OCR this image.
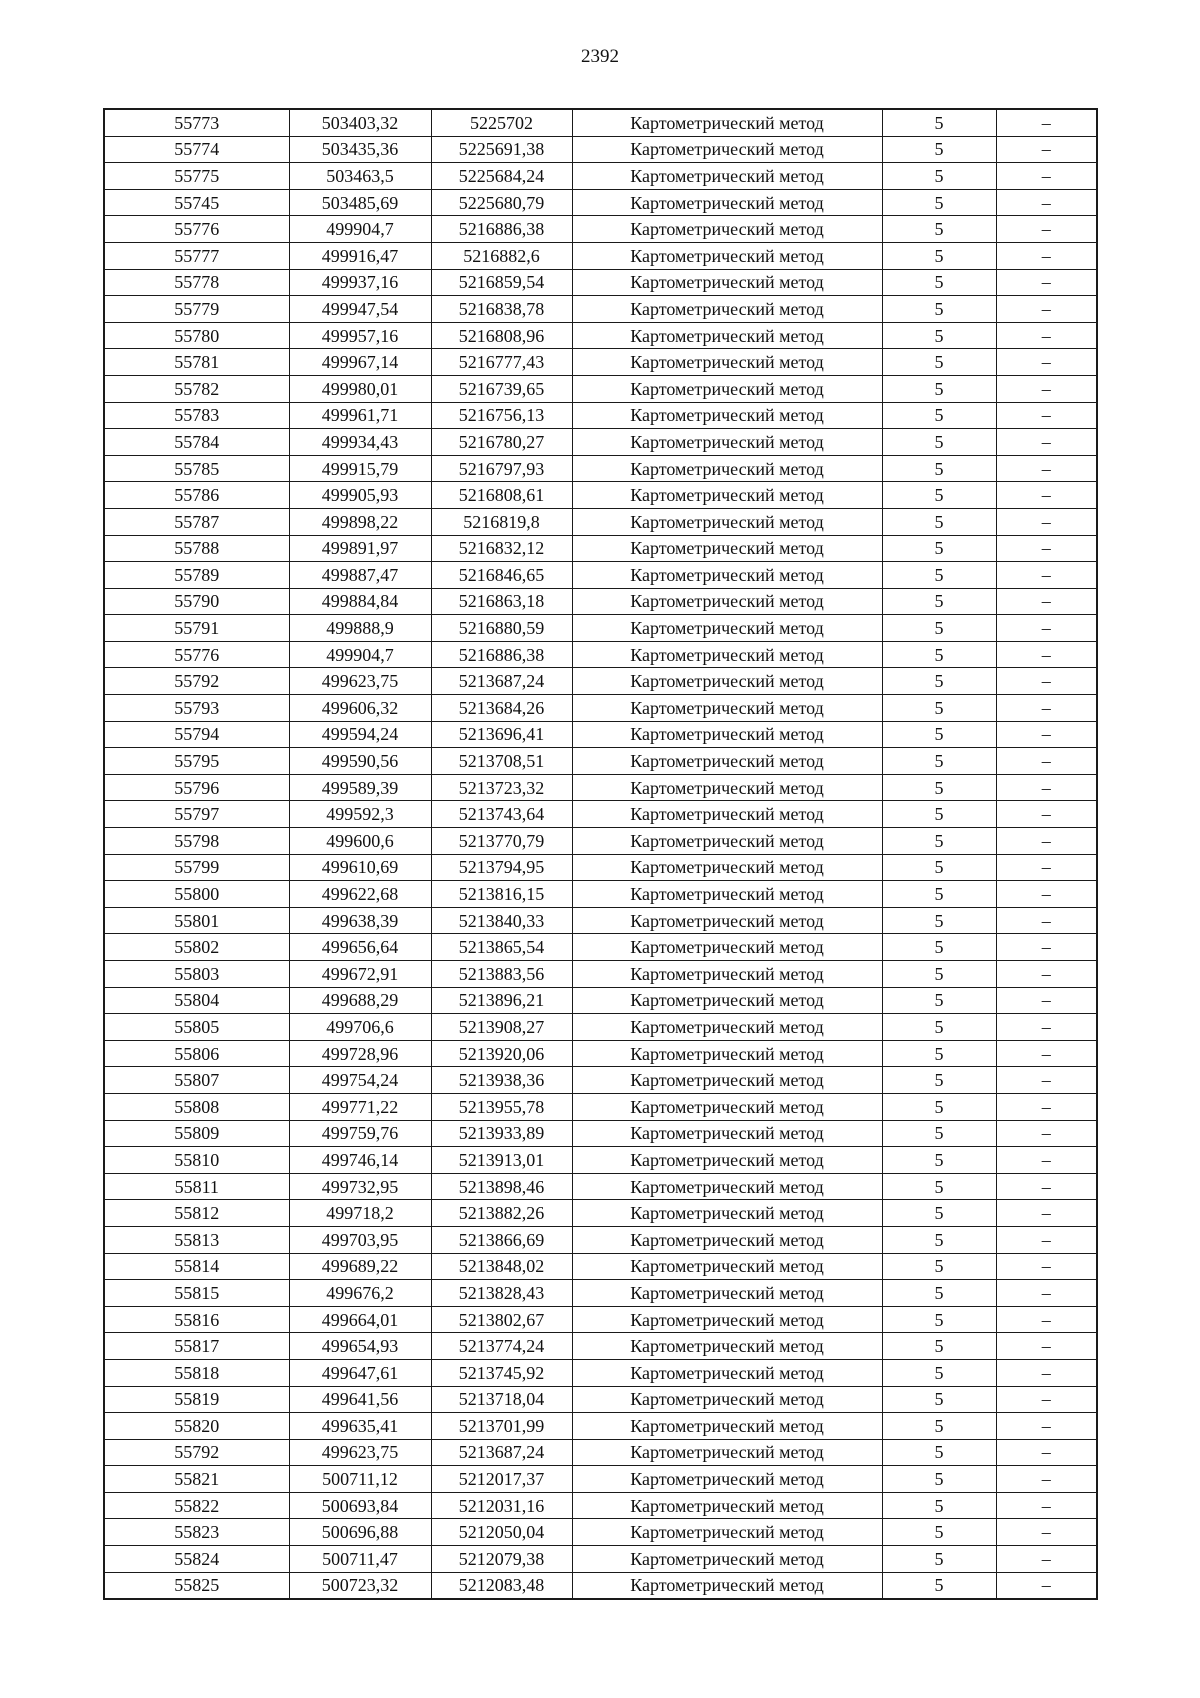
2392
55773	503403,32	5225702	Картометрический метод	5	–
55774	503435,36	5225691,38	Картометрический метод	5	–
55775	503463,5	5225684,24	Картометрический метод	5	–
55745	503485,69	5225680,79	Картометрический метод	5	–
55776	499904,7	5216886,38	Картометрический метод	5	–
55777	499916,47	5216882,6	Картометрический метод	5	–
55778	499937,16	5216859,54	Картометрический метод	5	–
55779	499947,54	5216838,78	Картометрический метод	5	–
55780	499957,16	5216808,96	Картометрический метод	5	–
55781	499967,14	5216777,43	Картометрический метод	5	–
55782	499980,01	5216739,65	Картометрический метод	5	–
55783	499961,71	5216756,13	Картометрический метод	5	–
55784	499934,43	5216780,27	Картометрический метод	5	–
55785	499915,79	5216797,93	Картометрический метод	5	–
55786	499905,93	5216808,61	Картометрический метод	5	–
55787	499898,22	5216819,8	Картометрический метод	5	–
55788	499891,97	5216832,12	Картометрический метод	5	–
55789	499887,47	5216846,65	Картометрический метод	5	–
55790	499884,84	5216863,18	Картометрический метод	5	–
55791	499888,9	5216880,59	Картометрический метод	5	–
55776	499904,7	5216886,38	Картометрический метод	5	–
55792	499623,75	5213687,24	Картометрический метод	5	–
55793	499606,32	5213684,26	Картометрический метод	5	–
55794	499594,24	5213696,41	Картометрический метод	5	–
55795	499590,56	5213708,51	Картометрический метод	5	–
55796	499589,39	5213723,32	Картометрический метод	5	–
55797	499592,3	5213743,64	Картометрический метод	5	–
55798	499600,6	5213770,79	Картометрический метод	5	–
55799	499610,69	5213794,95	Картометрический метод	5	–
55800	499622,68	5213816,15	Картометрический метод	5	–
55801	499638,39	5213840,33	Картометрический метод	5	–
55802	499656,64	5213865,54	Картометрический метод	5	–
55803	499672,91	5213883,56	Картометрический метод	5	–
55804	499688,29	5213896,21	Картометрический метод	5	–
55805	499706,6	5213908,27	Картометрический метод	5	–
55806	499728,96	5213920,06	Картометрический метод	5	–
55807	499754,24	5213938,36	Картометрический метод	5	–
55808	499771,22	5213955,78	Картометрический метод	5	–
55809	499759,76	5213933,89	Картометрический метод	5	–
55810	499746,14	5213913,01	Картометрический метод	5	–
55811	499732,95	5213898,46	Картометрический метод	5	–
55812	499718,2	5213882,26	Картометрический метод	5	–
55813	499703,95	5213866,69	Картометрический метод	5	–
55814	499689,22	5213848,02	Картометрический метод	5	–
55815	499676,2	5213828,43	Картометрический метод	5	–
55816	499664,01	5213802,67	Картометрический метод	5	–
55817	499654,93	5213774,24	Картометрический метод	5	–
55818	499647,61	5213745,92	Картометрический метод	5	–
55819	499641,56	5213718,04	Картометрический метод	5	–
55820	499635,41	5213701,99	Картометрический метод	5	–
55792	499623,75	5213687,24	Картометрический метод	5	–
55821	500711,12	5212017,37	Картометрический метод	5	–
55822	500693,84	5212031,16	Картометрический метод	5	–
55823	500696,88	5212050,04	Картометрический метод	5	–
55824	500711,47	5212079,38	Картометрический метод	5	–
55825	500723,32	5212083,48	Картометрический метод	5	–
